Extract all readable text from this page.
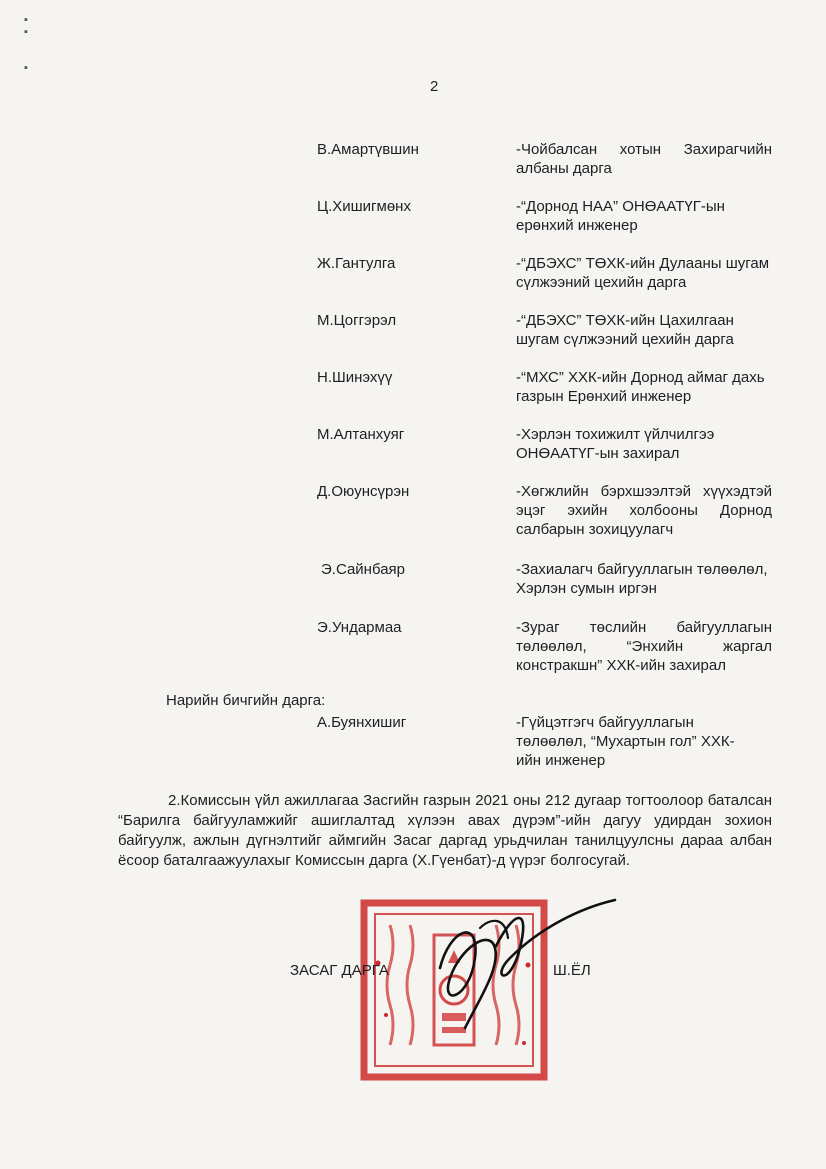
▪
▪
▪
2
В.Амартүвшин	-Чойбалсан хотын Захирагчийн албаны дарга
Ц.Хишигмөнх	-“Дорнод НАА” ОНӨААТҮГ-ын ерөнхий инженер
Ж.Гантулга	-“ДБЭХС” ТӨХК-ийн Дулааны шугам сүлжээний цехийн дарга
М.Цоггэрэл	-“ДБЭХС” ТӨХК-ийн Цахилгаан шугам сүлжээний цехийн дарга
Н.Шинэхүү	-“МХС” ХХК-ийн Дорнод аймаг дахь газрын Ерөнхий инженер
М.Алтанхуяг	-Хэрлэн тохижилт үйлчилгээ ОНӨААТҮГ-ын захирал
Д.Оюунсүрэн	-Хөгжлийн бэрхшээлтэй хүүхэдтэй эцэг эхийн холбооны Дорнод салбарын зохицуулагч
Э.Сайнбаяр	-Захиалагч байгууллагын төлөөлөл, Хэрлэн сумын иргэн
Э.Ундармаа	-Зураг төслийн байгууллагын төлөөлөл, “Энхийн жаргал констракшн” ХХК-ийн захирал
Нарийн бичгийн дарга:
А.Буянхишиг	-Гүйцэтгэгч байгууллагын төлөөлөл, “Мухартын гол” ХХК-ийн инженер
2.Комиссын үйл ажиллагаа Засгийн газрын 2021 оны 212 дугаар тогтоолоор баталсан “Барилга байгууламжийг ашиглалтад хүлээн авах дүрэм”-ийн дагуу удирдан зохион байгуулж, ажлын дүгнэлтийг аймгийн Засаг даргад урьдчилан танилцуулсны дараа албан ёсоор баталгаажуулахыг Комиссын дарга (Х.Гүенбат)-д үүрэг болгосугай.
ЗАСАГ ДАРГА	Ш.ЁЛ
